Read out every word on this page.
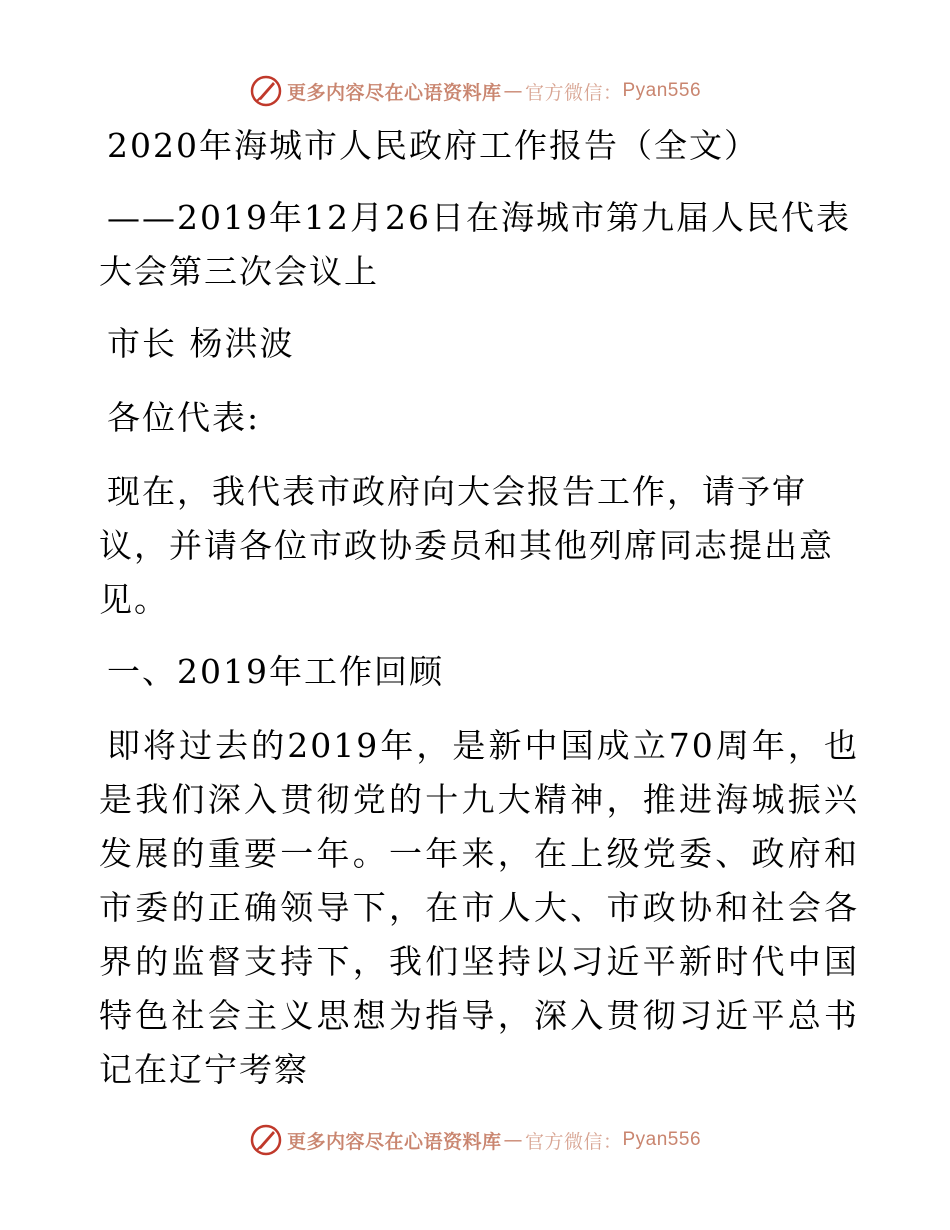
更多内容尽在心语资料库 — 官方微信： Pyan556

2020年海城市人民政府工作报告（全文）

——2019年12月26日在海城市第九届人民代表大会第三次会议上

市长 杨洪波

各位代表:

现在，我代表市政府向大会报告工作，请予审议，并请各位市政协委员和其他列席同志提出意见。

一、2019年工作回顾

即将过去的2019年，是新中国成立70周年，也是我们深入贯彻党的十九大精神，推进海城振兴发展的重要一年。一年来，在上级党委、政府和市委的正确领导下，在市人大、市政协和社会各界的监督支持下，我们坚持以习近平新时代中国特色社会主义思想为指导，深入贯彻习近平总书记在辽宁考察

更多内容尽在心语资料库 — 官方微信： Pyan556
